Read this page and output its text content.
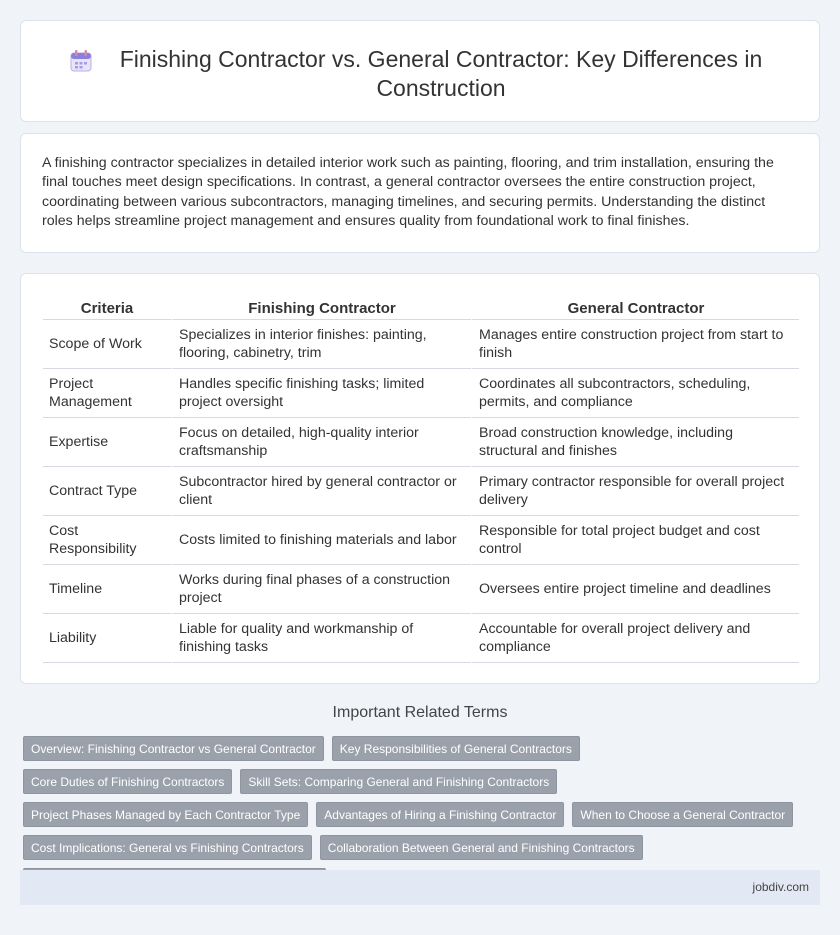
Finishing Contractor vs. General Contractor: Key Differences in Construction

A finishing contractor specializes in detailed interior work such as painting, flooring, and trim installation, ensuring the final touches meet design specifications. In contrast, a general contractor oversees the entire construction project, coordinating between various subcontractors, managing timelines, and securing permits. Understanding the distinct roles helps streamline project management and ensures quality from foundational work to final finishes.

Criteria	Finishing Contractor	General Contractor
Scope of Work	Specializes in interior finishes: painting, flooring, cabinetry, trim	Manages entire construction project from start to finish
Project Management	Handles specific finishing tasks; limited project oversight	Coordinates all subcontractors, scheduling, permits, and compliance
Expertise	Focus on detailed, high-quality interior craftsmanship	Broad construction knowledge, including structural and finishes
Contract Type	Subcontractor hired by general contractor or client	Primary contractor responsible for overall project delivery
Cost Responsibility	Costs limited to finishing materials and labor	Responsible for total project budget and cost control
Timeline	Works during final phases of a construction project	Oversees entire project timeline and deadlines
Liability	Liable for quality and workmanship of finishing tasks	Accountable for overall project delivery and compliance
Important Related Terms
Overview: Finishing Contractor vs General Contractor	Key Responsibilities of General Contractors
Core Duties of Finishing Contractors	Skill Sets: Comparing General and Finishing Contractors
Project Phases Managed by Each Contractor Type	Advantages of Hiring a Finishing Contractor	When to Choose a General Contractor
Cost Implications: General vs Finishing Contractors	Collaboration Between General and Finishing Contractors
jobdiv.com
